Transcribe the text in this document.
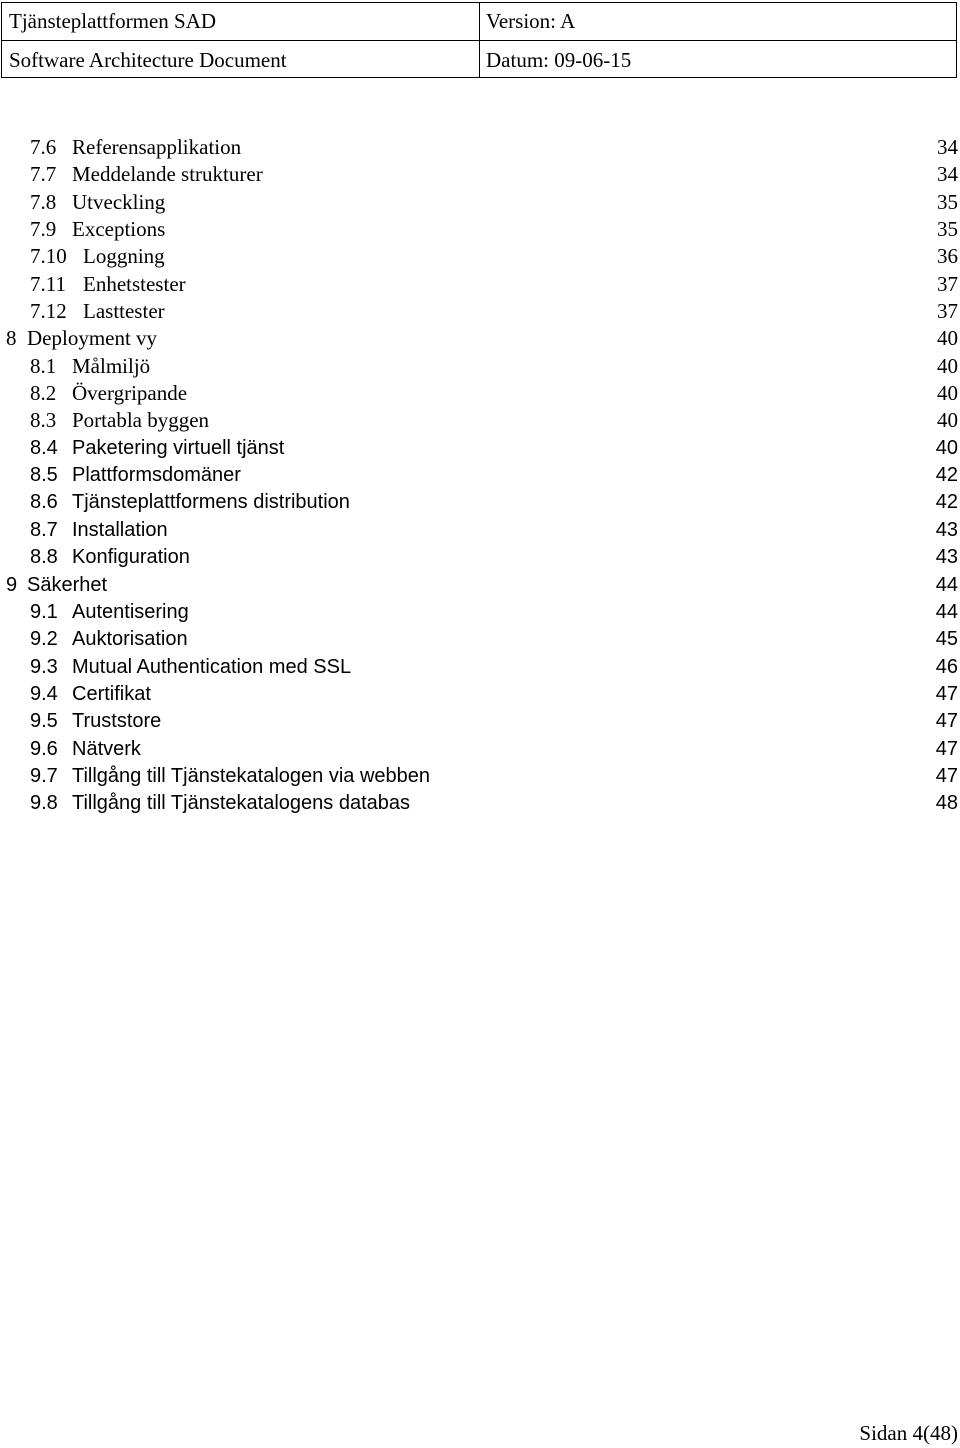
Tjänsteplattformen SAD	Version: A
Software Architecture Document	Datum: 09-06-15
7.6 Referensapplikation	34
7.7 Meddelande strukturer	34
7.8 Utveckling	35
7.9 Exceptions	35
7.10 Loggning	36
7.11 Enhetstester	37
7.12 Lasttester	37
8 Deployment vy	40
8.1 Målmiljö	40
8.2 Övergripande	40
8.3 Portabla byggen	40
8.4 Paketering virtuell tjänst	40
8.5 Plattformsdomäner	42
8.6 Tjänsteplattformens distribution	42
8.7 Installation	43
8.8 Konfiguration	43
9 Säkerhet	44
9.1 Autentisering	44
9.2 Auktorisation	45
9.3 Mutual Authentication med SSL	46
9.4 Certifikat	47
9.5 Truststore	47
9.6 Nätverk	47
9.7 Tillgång till Tjänstekatalogen via webben	47
9.8 Tillgång till Tjänstekatalogens databas	48
Sidan 4(48)
